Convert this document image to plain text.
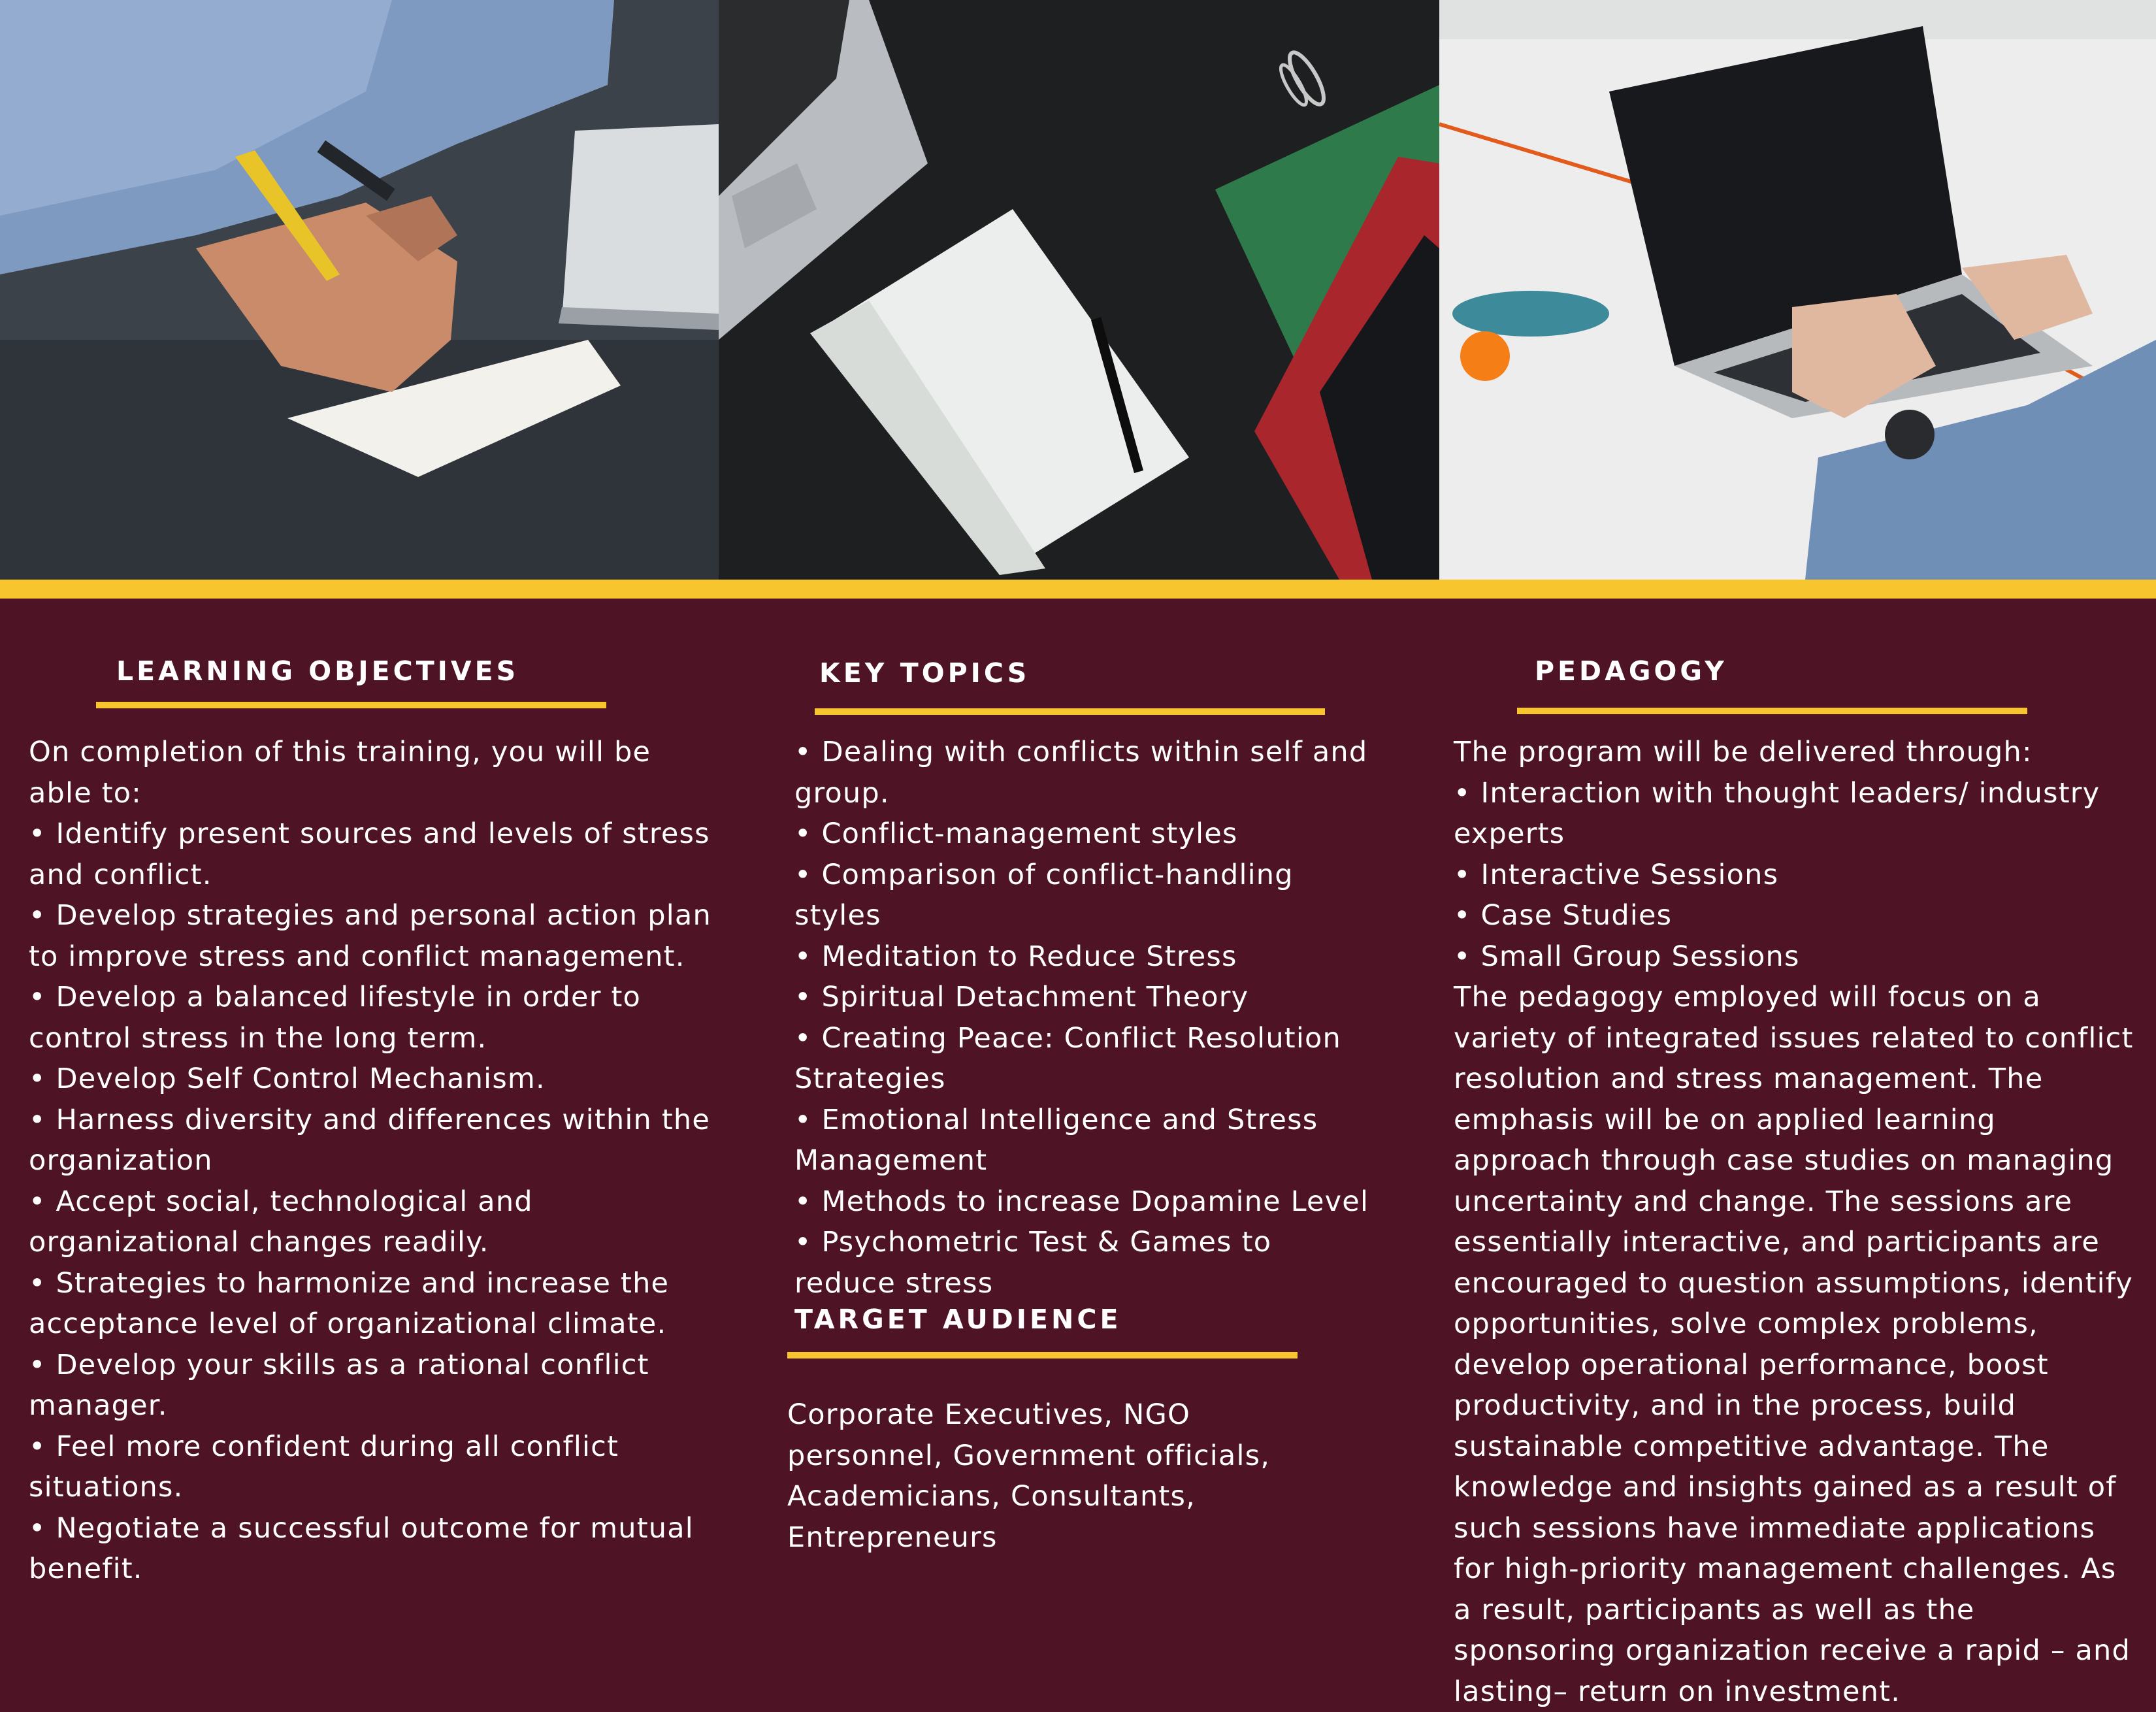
LEARNING OBJECTIVES

On completion of this training, you will be able to:

• Identify present sources and levels of stress and conflict.
• Develop strategies and personal action plan to improve stress and conflict management.
• Develop a balanced lifestyle in order to control stress in the long term.
• Develop Self Control Mechanism.
• Harness diversity and differences within the organization
• Accept social, technological and organizational changes readily.
• Strategies to harmonize and increase the acceptance level of organizational climate.
• Develop your skills as a rational conflict manager.
• Feel more confident during all conflict situations.
• Negotiate a successful outcome for mutual benefit.
KEY TOPICS
• Dealing with conflicts within self and group.
• Conflict-management styles
• Comparison of conflict-handling styles
• Meditation to Reduce Stress
• Spiritual Detachment Theory
• Creating Peace: Conflict Resolution Strategies
• Emotional Intelligence and Stress Management
• Methods to increase Dopamine Level
• Psychometric Test & Games to reduce stress
TARGET AUDIENCE

Corporate Executives, NGO personnel, Government officials, Academicians, Consultants, Entrepreneurs

PEDAGOGY

The program will be delivered through:

• Interaction with thought leaders/ industry experts
• Interactive Sessions
• Case Studies
• Small Group Sessions

The pedagogy employed will focus on a variety of integrated issues related to conflict resolution and stress management. The emphasis will be on applied learning approach through case studies on managing uncertainty and change. The sessions are essentially interactive, and participants are encouraged to question assumptions, identify opportunities, solve complex problems, develop operational performance, boost productivity, and in the process, build sustainable competitive advantage. The knowledge and insights gained as a result of such sessions have immediate applications for high-priority management challenges. As a result, participants as well as the sponsoring organization receive a rapid – and lasting– return on investment.
